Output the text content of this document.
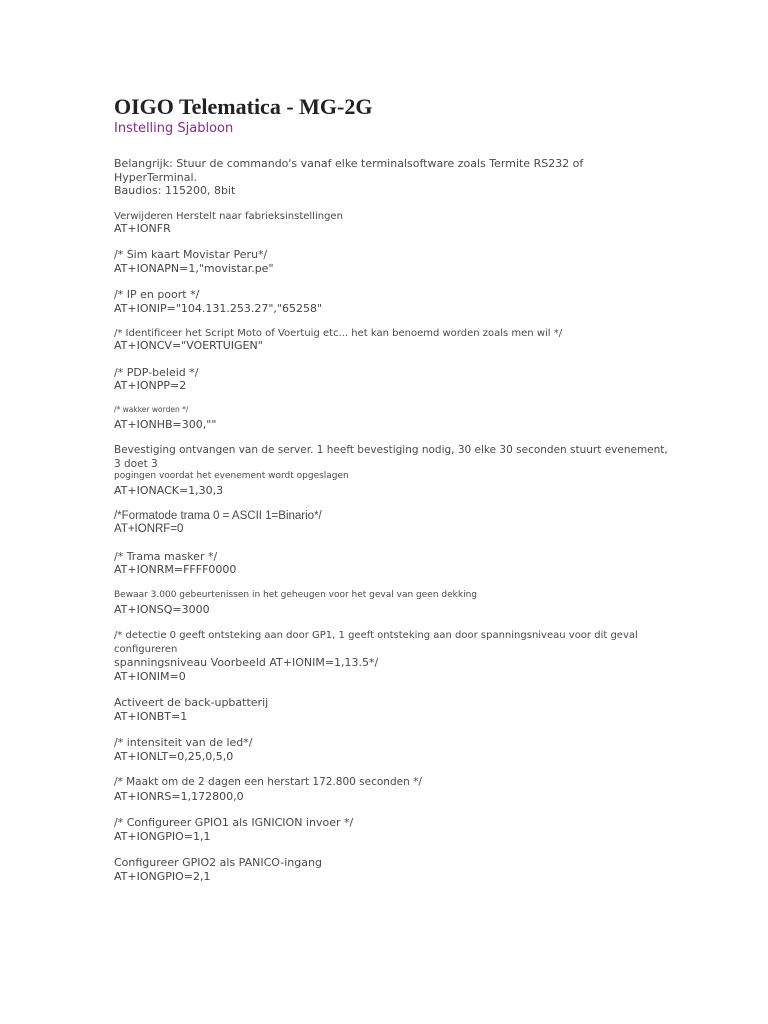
OIGO Telematica - MG-2G
Instelling Sjabloon
Belangrijk: Stuur de commando's vanaf elke terminalsoftware zoals Termite RS232 of
HyperTerminal.
Baudios: 115200, 8bit
Verwijderen Herstelt naar fabrieksinstellingen
AT+IONFR
/* Sim kaart Movistar Peru*/
AT+IONAPN=1,"movistar.pe"
/* IP en poort */
AT+IONIP="104.131.253.27","65258"
/* Identificeer het Script Moto of Voertuig etc... het kan benoemd worden zoals men wil */
AT+IONCV="VOERTUIGEN"
/* PDP-beleid */
AT+IONPP=2
/* wakker worden */
AT+IONHB=300,""
Bevestiging ontvangen van de server. 1 heeft bevestiging nodig, 30 elke 30 seconden stuurt evenement, 3 doet 3
pogingen voordat het evenement wordt opgeslagen
AT+IONACK=1,30,3
/*Formatode trama 0 = ASCII 1=Binario*/
AT+IONRF=0
/* Trama masker */
AT+IONRM=FFFF0000
Bewaar 3.000 gebeurtenissen in het geheugen voor het geval van geen dekking
AT+IONSQ=3000
/* detectie 0 geeft ontsteking aan door GP1, 1 geeft ontsteking aan door spanningsniveau voor dit geval configureren
spanningsniveau Voorbeeld AT+IONIM=1,13.5*/
AT+IONIM=0
Activeert de back-upbatterij
AT+IONBT=1
/* intensiteit van de led*/
AT+IONLT=0,25,0,5,0
/* Maakt om de 2 dagen een herstart 172.800 seconden */
AT+IONRS=1,172800,0
/* Configureer GPIO1 als IGNICION invoer */
AT+IONGPIO=1,1
Configureer GPIO2 als PANICO-ingang
AT+IONGPIO=2,1
